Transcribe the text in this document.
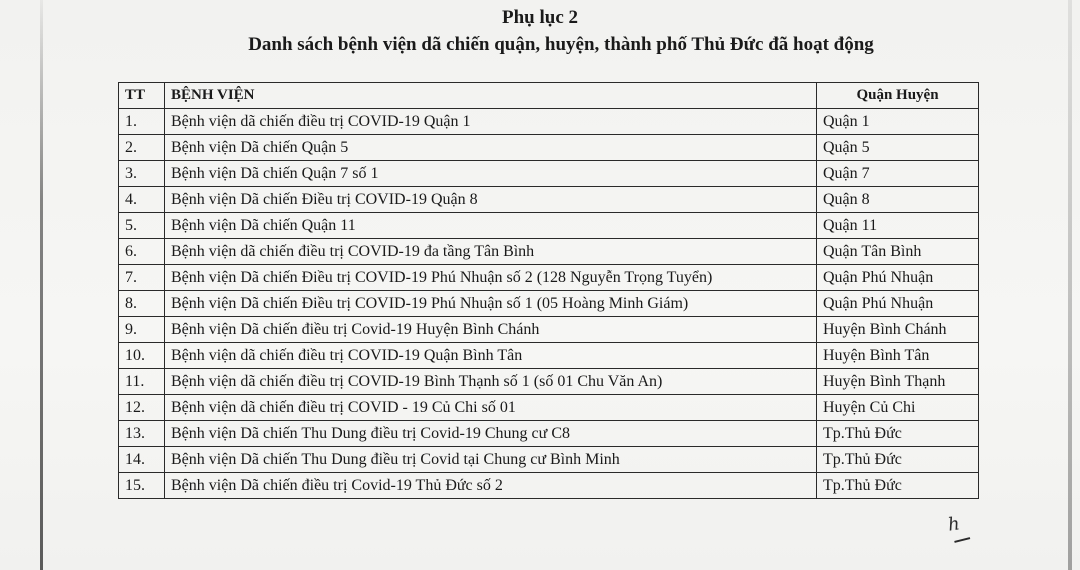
Phụ lục 2
Danh sách bệnh viện dã chiến quận, huyện, thành phố Thủ Đức đã hoạt động
TT	BỆNH VIỆN	Quận Huyện
1.	Bệnh viện dã chiến điều trị COVID-19 Quận 1	Quận 1
2.	Bệnh viện Dã chiến Quận 5	Quận 5
3.	Bệnh viện Dã chiến Quận 7 số 1	Quận 7
4.	Bệnh viện Dã chiến Điều trị COVID-19 Quận 8	Quận 8
5.	Bệnh viện Dã chiến Quận 11	Quận 11
6.	Bệnh viện dã chiến điều trị COVID-19 đa tầng Tân Bình	Quận Tân Bình
7.	Bệnh viện Dã chiến Điều trị COVID-19 Phú Nhuận số 2 (128 Nguyễn Trọng Tuyển)	Quận Phú Nhuận
8.	Bệnh viện Dã chiến Điều trị COVID-19 Phú Nhuận số 1 (05 Hoàng Minh Giám)	Quận Phú Nhuận
9.	Bệnh viện Dã chiến điều trị Covid-19 Huyện Bình Chánh	Huyện Bình Chánh
10.	Bệnh viện dã chiến điều trị COVID-19 Quận Bình Tân	Huyện Bình Tân
11.	Bệnh viện dã chiến điều trị COVID-19 Bình Thạnh số 1 (số 01 Chu Văn An)	Huyện Bình Thạnh
12.	Bệnh viện dã chiến điều trị COVID - 19 Củ Chi số 01	Huyện Củ Chi
13.	Bệnh viện Dã chiến Thu Dung điều trị Covid-19 Chung cư C8	Tp.Thủ Đức
14.	Bệnh viện Dã chiến Thu Dung điều trị Covid tại Chung cư Bình Minh	Tp.Thủ Đức
15.	Bệnh viện Dã chiến điều trị Covid-19 Thủ Đức số 2	Tp.Thủ Đức
h
